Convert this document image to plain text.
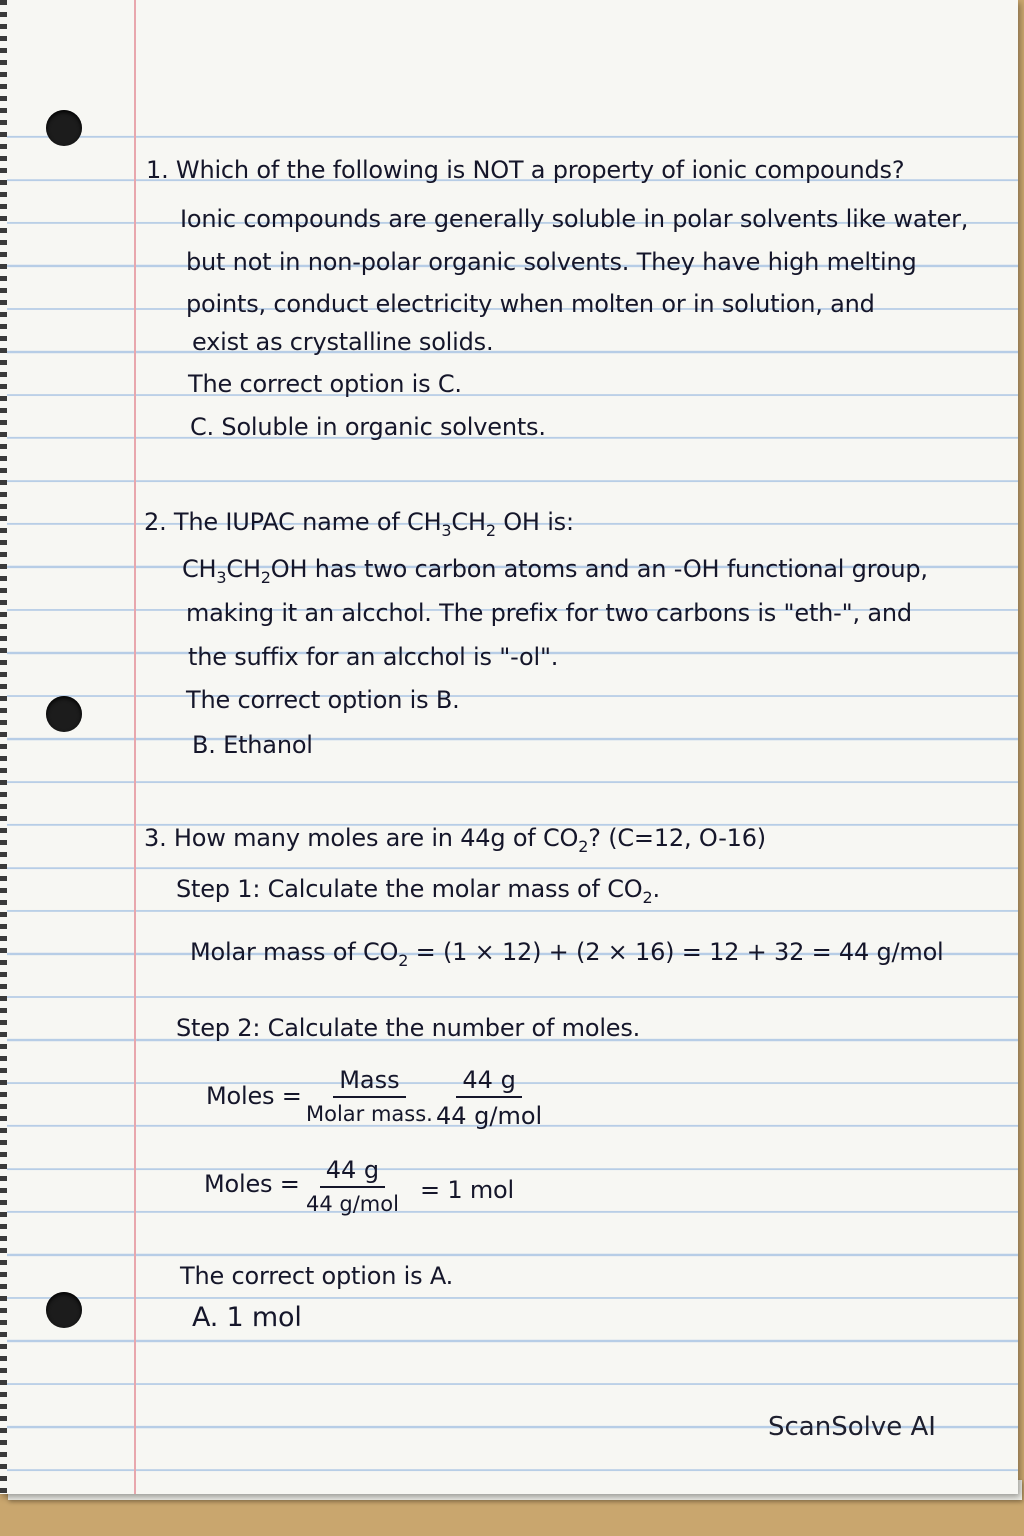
1. Which of the following is NOT a property of ionic compounds?
Ionic compounds are generally soluble in polar solvents like water,
but not in non-polar organic solvents. They have high melting
points, conduct electricity when molten or in solution, and
exist as crystalline solids.
The correct option is C.
C. Soluble in organic solvents.
2. The IUPAC name of $CH_3CH_2$ OH is:
$CH_3CH_2OH$ has two carbon atoms and an -OH functional group,
making it an alcchol. The prefix for two carbons is "eth-", and
the suffix for an alcchol is "-ol".
The correct option is B.
B. Ethanol
3. How many moles are in 44g of $CO_2$? (C=12, O-16)
Step 1: Calculate the molar mass of $CO_2$.
Molar mass of $CO_2 = (1 \times 12) + (2 \times 16) = 12 + 32 = 44$ g/mol
Step 2: Calculate the number of moles.
Moles =
Mass
Molar mass.
44 g
44 g/mol
Moles = 44 g
44 g/mol = 1 mol
The correct option is A.
A. 1 mol
ScanSolve AI
